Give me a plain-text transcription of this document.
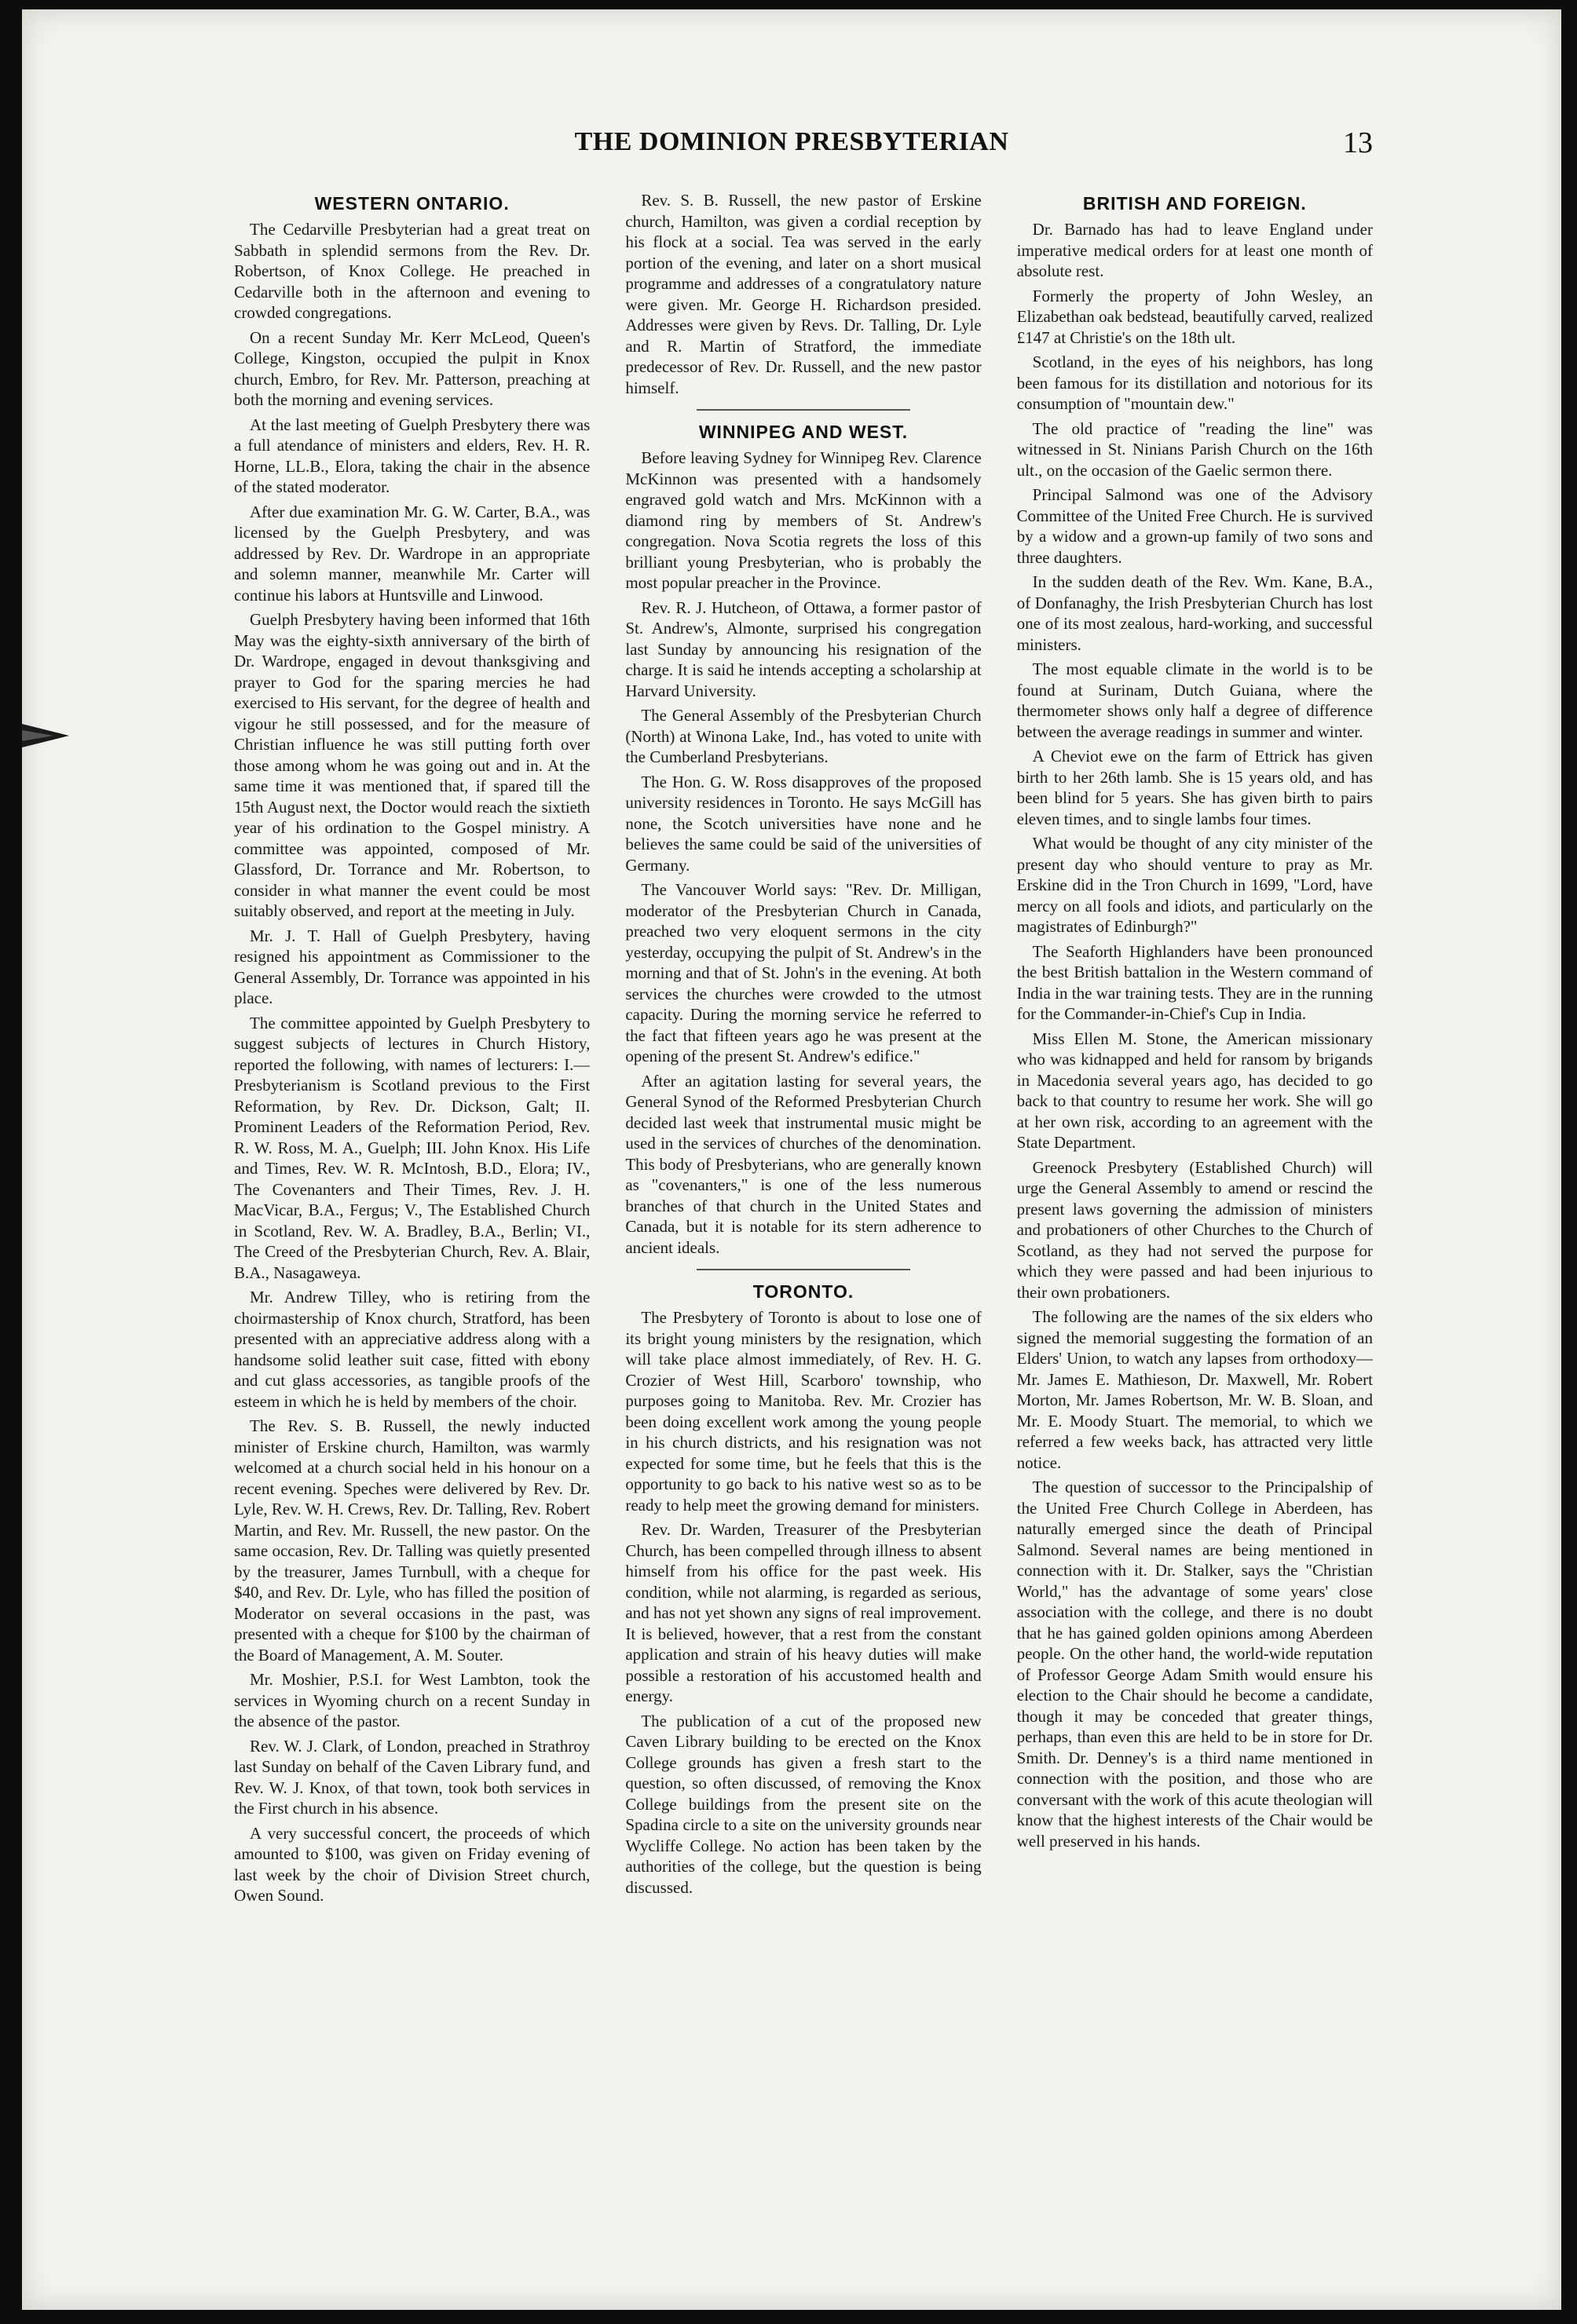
THE DOMINION PRESBYTERIAN	13
WESTERN ONTARIO.

The Cedarville Presbyterian had a great treat on Sabbath in splendid sermons from the Rev. Dr. Robertson, of Knox College. He preached in Cedarville both in the afternoon and evening to crowded congregations.

On a recent Sunday Mr. Kerr McLeod, Queen's College, Kingston, occupied the pulpit in Knox church, Embro, for Rev. Mr. Patterson, preaching at both the morning and evening services.

At the last meeting of Guelph Presbytery there was a full atendance of ministers and elders, Rev. H. R. Horne, LL.B., Elora, taking the chair in the absence of the stated moderator.

After due examination Mr. G. W. Carter, B.A., was licensed by the Guelph Presbytery, and was addressed by Rev. Dr. Wardrope in an appropriate and solemn manner, meanwhile Mr. Carter will continue his labors at Huntsville and Linwood.

Guelph Presbytery having been informed that 16th May was the eighty-sixth anniversary of the birth of Dr. Wardrope, engaged in devout thanksgiving and prayer to God for the sparing mercies he had exercised to His servant, for the degree of health and vigour he still possessed, and for the measure of Christian influence he was still putting forth over those among whom he was going out and in. At the same time it was mentioned that, if spared till the 15th August next, the Doctor would reach the sixtieth year of his ordination to the Gospel ministry. A committee was appointed, composed of Mr. Glassford, Dr. Torrance and Mr. Robertson, to consider in what manner the event could be most suitably observed, and report at the meeting in July.

Mr. J. T. Hall of Guelph Presbytery, having resigned his appointment as Commissioner to the General Assembly, Dr. Torrance was appointed in his place.

The committee appointed by Guelph Presbytery to suggest subjects of lectures in Church History, reported the following, with names of lecturers: I.—Presbyterianism is Scotland previous to the First Reformation, by Rev. Dr. Dickson, Galt; II. Prominent Leaders of the Reformation Period, Rev. R. W. Ross, M. A., Guelph; III. John Knox. His Life and Times, Rev. W. R. McIntosh, B.D., Elora; IV., The Covenanters and Their Times, Rev. J. H. MacVicar, B.A., Fergus; V., The Established Church in Scotland, Rev. W. A. Bradley, B.A., Berlin; VI., The Creed of the Presbyterian Church, Rev. A. Blair, B.A., Nasagaweya.

Mr. Andrew Tilley, who is retiring from the choirmastership of Knox church, Stratford, has been presented with an appreciative address along with a handsome solid leather suit case, fitted with ebony and cut glass accessories, as tangible proofs of the esteem in which he is held by members of the choir.

The Rev. S. B. Russell, the newly inducted minister of Erskine church, Hamilton, was warmly welcomed at a church social held in his honour on a recent evening. Speches were delivered by Rev. Dr. Lyle, Rev. W. H. Crews, Rev. Dr. Talling, Rev. Robert Martin, and Rev. Mr. Russell, the new pastor. On the same occasion, Rev. Dr. Talling was quietly presented by the treasurer, James Turnbull, with a cheque for $40, and Rev. Dr. Lyle, who has filled the position of Moderator on several occasions in the past, was presented with a cheque for $100 by the chairman of the Board of Management, A. M. Souter.

Mr. Moshier, P.S.I. for West Lambton, took the services in Wyoming church on a recent Sunday in the absence of the pastor.

Rev. W. J. Clark, of London, preached in Strathroy last Sunday on behalf of the Caven Library fund, and Rev. W. J. Knox, of that town, took both services in the First church in his absence.

A very successful concert, the proceeds of which amounted to $100, was given on Friday evening of last week by the choir of Division Street church, Owen Sound.

Rev. S. B. Russell, the new pastor of Erskine church, Hamilton, was given a cordial reception by his flock at a social. Tea was served in the early portion of the evening, and later on a short musical programme and addresses of a congratulatory nature were given. Mr. George H. Richardson presided. Addresses were given by Revs. Dr. Talling, Dr. Lyle and R. Martin of Stratford, the immediate predecessor of Rev. Dr. Russell, and the new pastor himself.

WINNIPEG AND WEST.

Before leaving Sydney for Winnipeg Rev. Clarence McKinnon was presented with a handsomely engraved gold watch and Mrs. McKinnon with a diamond ring by members of St. Andrew's congregation. Nova Scotia regrets the loss of this brilliant young Presbyterian, who is probably the most popular preacher in the Province.

Rev. R. J. Hutcheon, of Ottawa, a former pastor of St. Andrew's, Almonte, surprised his congregation last Sunday by announcing his resignation of the charge. It is said he intends accepting a scholarship at Harvard University.

The General Assembly of the Presbyterian Church (North) at Winona Lake, Ind., has voted to unite with the Cumberland Presbyterians.

The Hon. G. W. Ross disapproves of the proposed university residences in Toronto. He says McGill has none, the Scotch universities have none and he believes the same could be said of the universities of Germany.

The Vancouver World says: "Rev. Dr. Milligan, moderator of the Presbyterian Church in Canada, preached two very eloquent sermons in the city yesterday, occupying the pulpit of St. Andrew's in the morning and that of St. John's in the evening. At both services the churches were crowded to the utmost capacity. During the morning service he referred to the fact that fifteen years ago he was present at the opening of the present St. Andrew's edifice."

After an agitation lasting for several years, the General Synod of the Reformed Presbyterian Church decided last week that instrumental music might be used in the services of churches of the denomination. This body of Presbyterians, who are generally known as "covenanters," is one of the less numerous branches of that church in the United States and Canada, but it is notable for its stern adherence to ancient ideals.

TORONTO.

The Presbytery of Toronto is about to lose one of its bright young ministers by the resignation, which will take place almost immediately, of Rev. H. G. Crozier of West Hill, Scarboro' township, who purposes going to Manitoba. Rev. Mr. Crozier has been doing excellent work among the young people in his church districts, and his resignation was not expected for some time, but he feels that this is the opportunity to go back to his native west so as to be ready to help meet the growing demand for ministers.

Rev. Dr. Warden, Treasurer of the Presbyterian Church, has been compelled through illness to absent himself from his office for the past week. His condition, while not alarming, is regarded as serious, and has not yet shown any signs of real improvement. It is believed, however, that a rest from the constant application and strain of his heavy duties will make possible a restoration of his accustomed health and energy.

The publication of a cut of the proposed new Caven Library building to be erected on the Knox College grounds has given a fresh start to the question, so often discussed, of removing the Knox College buildings from the present site on the Spadina circle to a site on the university grounds near Wycliffe College. No action has been taken by the authorities of the college, but the question is being discussed.

BRITISH AND FOREIGN.

Dr. Barnado has had to leave England under imperative medical orders for at least one month of absolute rest.

Formerly the property of John Wesley, an Elizabethan oak bedstead, beautifully carved, realized £147 at Christie's on the 18th ult.

Scotland, in the eyes of his neighbors, has long been famous for its distillation and notorious for its consumption of "mountain dew."

The old practice of "reading the line" was witnessed in St. Ninians Parish Church on the 16th ult., on the occasion of the Gaelic sermon there.

Principal Salmond was one of the Advisory Committee of the United Free Church. He is survived by a widow and a grown-up family of two sons and three daughters.

In the sudden death of the Rev. Wm. Kane, B.A., of Donfanaghy, the Irish Presbyterian Church has lost one of its most zealous, hard-working, and successful ministers.

The most equable climate in the world is to be found at Surinam, Dutch Guiana, where the thermometer shows only half a degree of difference between the average readings in summer and winter.

A Cheviot ewe on the farm of Ettrick has given birth to her 26th lamb. She is 15 years old, and has been blind for 5 years. She has given birth to pairs eleven times, and to single lambs four times.

What would be thought of any city minister of the present day who should venture to pray as Mr. Erskine did in the Tron Church in 1699, "Lord, have mercy on all fools and idiots, and particularly on the magistrates of Edinburgh?"

The Seaforth Highlanders have been pronounced the best British battalion in the Western command of India in the war training tests. They are in the running for the Commander-in-Chief's Cup in India.

Miss Ellen M. Stone, the American missionary who was kidnapped and held for ransom by brigands in Macedonia several years ago, has decided to go back to that country to resume her work. She will go at her own risk, according to an agreement with the State Department.

Greenock Presbytery (Established Church) will urge the General Assembly to amend or rescind the present laws governing the admission of ministers and probationers of other Churches to the Church of Scotland, as they had not served the purpose for which they were passed and had been injurious to their own probationers.

The following are the names of the six elders who signed the memorial suggesting the formation of an Elders' Union, to watch any lapses from orthodoxy—Mr. James E. Mathieson, Dr. Maxwell, Mr. Robert Morton, Mr. James Robertson, Mr. W. B. Sloan, and Mr. E. Moody Stuart. The memorial, to which we referred a few weeks back, has attracted very little notice.

The question of successor to the Principalship of the United Free Church College in Aberdeen, has naturally emerged since the death of Principal Salmond. Several names are being mentioned in connection with it. Dr. Stalker, says the "Christian World," has the advantage of some years' close association with the college, and there is no doubt that he has gained golden opinions among Aberdeen people. On the other hand, the world-wide reputation of Professor George Adam Smith would ensure his election to the Chair should he become a candidate, though it may be conceded that greater things, perhaps, than even this are held to be in store for Dr. Smith. Dr. Denney's is a third name mentioned in connection with the position, and those who are conversant with the work of this acute theologian will know that the highest interests of the Chair would be well preserved in his hands.
